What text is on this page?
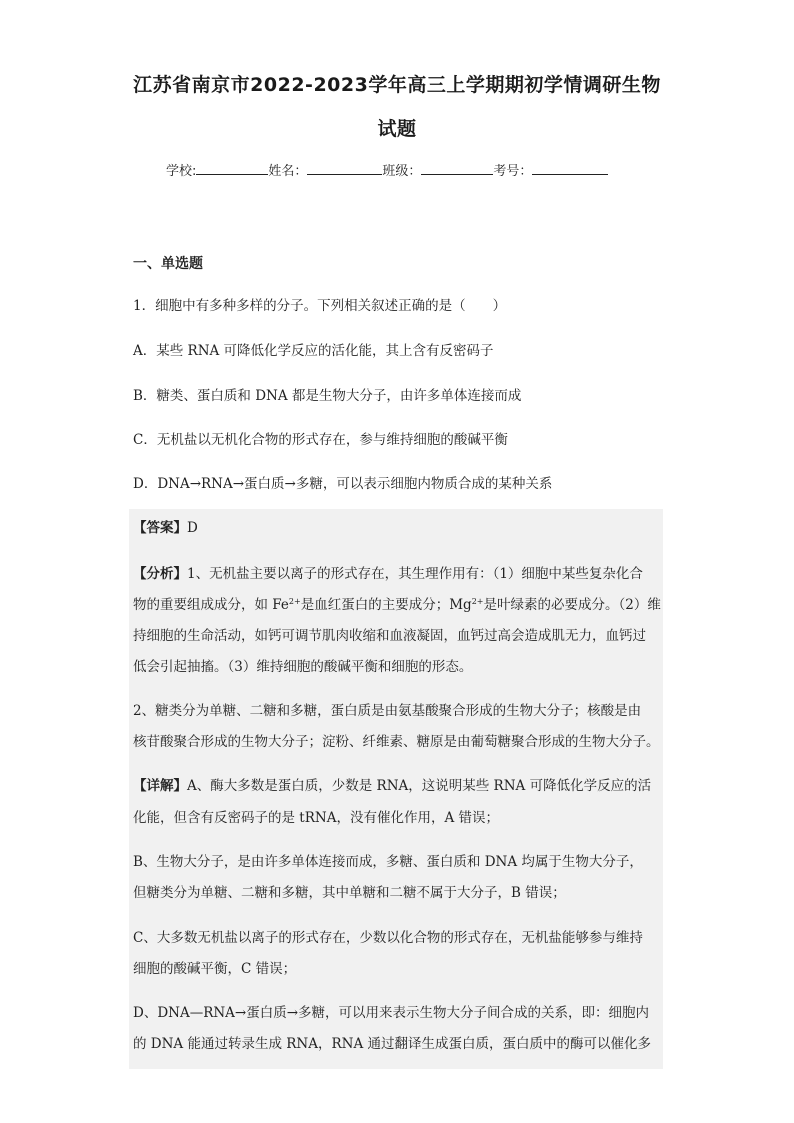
江苏省南京市2022-2023学年高三上学期期初学情调研生物
试题
学校:	姓名：	班级：	考号：
一、单选题
1．细胞中有多种多样的分子。下列相关叙述正确的是（　　）
A．某些 RNA 可降低化学反应的活化能，其上含有反密码子
B．糖类、蛋白质和 DNA 都是生物大分子，由许多单体连接而成
C．无机盐以无机化合物的形式存在，参与维持细胞的酸碱平衡
D．DNA→RNA→蛋白质→多糖，可以表示细胞内物质合成的某种关系
【答案】D
【分析】1、无机盐主要以离子的形式存在，其生理作用有：（1）细胞中某些复杂化合
物的重要组成成分，如 $Fe^{2+}$是血红蛋白的主要成分；$Mg^{2+}$是叶绿素的必要成分。（2）维
持细胞的生命活动，如钙可调节肌肉收缩和血液凝固，血钙过高会造成肌无力，血钙过
低会引起抽搐。（3）维持细胞的酸碱平衡和细胞的形态。
2、糖类分为单糖、二糖和多糖，蛋白质是由氨基酸聚合形成的生物大分子；核酸是由
核苷酸聚合形成的生物大分子；淀粉、纤维素、糖原是由葡萄糖聚合形成的生物大分子。
【详解】A、酶大多数是蛋白质，少数是 RNA，这说明某些 RNA 可降低化学反应的活
化能，但含有反密码子的是 tRNA，没有催化作用，A 错误；
B、生物大分子，是由许多单体连接而成，多糖、蛋白质和 DNA 均属于生物大分子，
但糖类分为单糖、二糖和多糖，其中单糖和二糖不属于大分子，B 错误；
C、大多数无机盐以离子的形式存在，少数以化合物的形式存在，无机盐能够参与维持
细胞的酸碱平衡，C 错误；
D、DNA—RNA→蛋白质→多糖，可以用来表示生物大分子间合成的关系，即：细胞内
的 DNA 能通过转录生成 RNA，RNA 通过翻译生成蛋白质，蛋白质中的酶可以催化多
